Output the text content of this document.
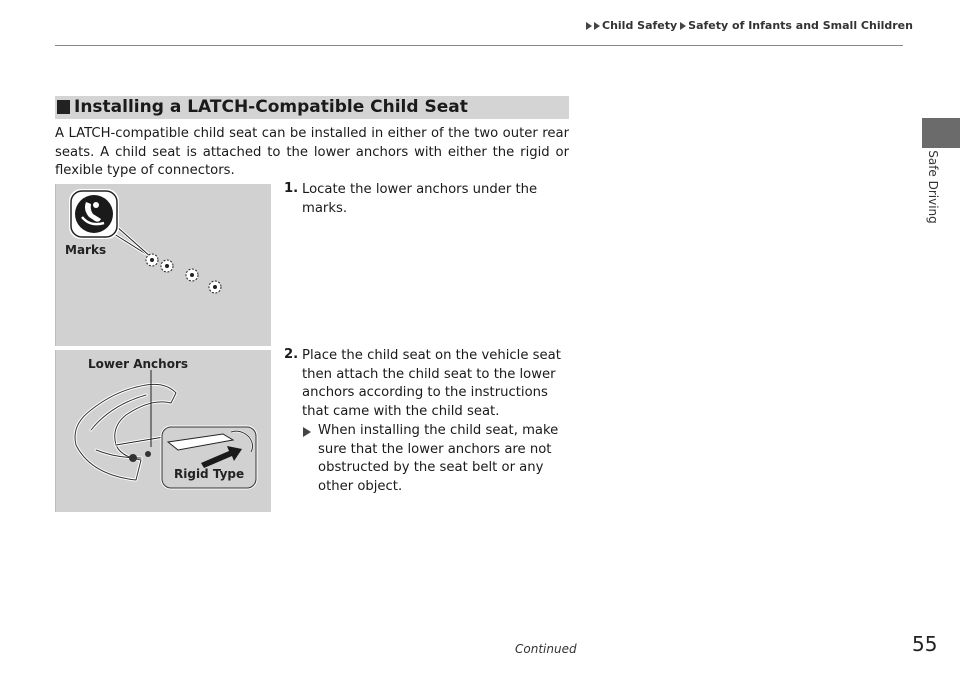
Child Safety Safety of Infants and Small Children
Safe Driving
Installing a LATCH-Compatible Child Seat
A LATCH-compatible child seat can be installed in either of the two outer rear seats. A child seat is attached to the lower anchors with either the rigid or flexible type of connectors.
Marks
Lower Anchors
Rigid Type
1. Locate the lower anchors under the marks.
2. Place the child seat on the vehicle seat then attach the child seat to the lower anchors according to the instructions that came with the child seat.
When installing the child seat, make sure that the lower anchors are not obstructed by the seat belt or any other object.
Continued	55
